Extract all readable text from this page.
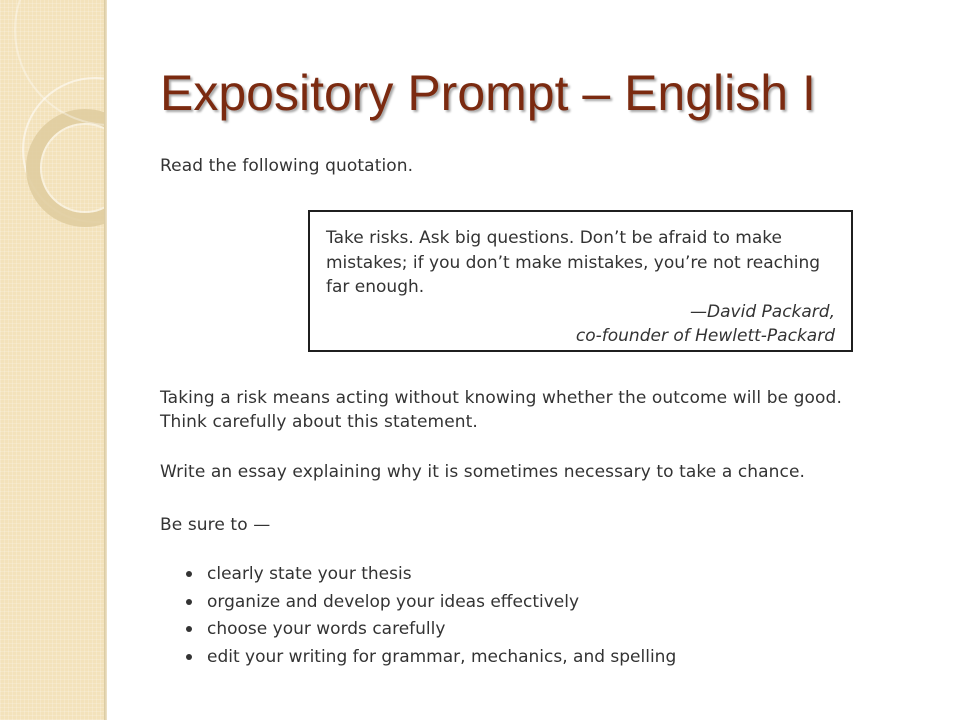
Expository Prompt – English I
Read the following quotation.

Take risks. Ask big questions. Don’t be afraid to make mistakes; if you don’t make mistakes, you’re not reaching far enough.

—David Packard,

co-founder of Hewlett-Packard

Taking a risk means acting without knowing whether the outcome will be good.
Think carefully about this statement.
Write an essay explaining why it is sometimes necessary to take a chance.
Be sure to —
clearly state your thesis
organize and develop your ideas effectively
choose your words carefully
edit your writing for grammar, mechanics, and spelling
